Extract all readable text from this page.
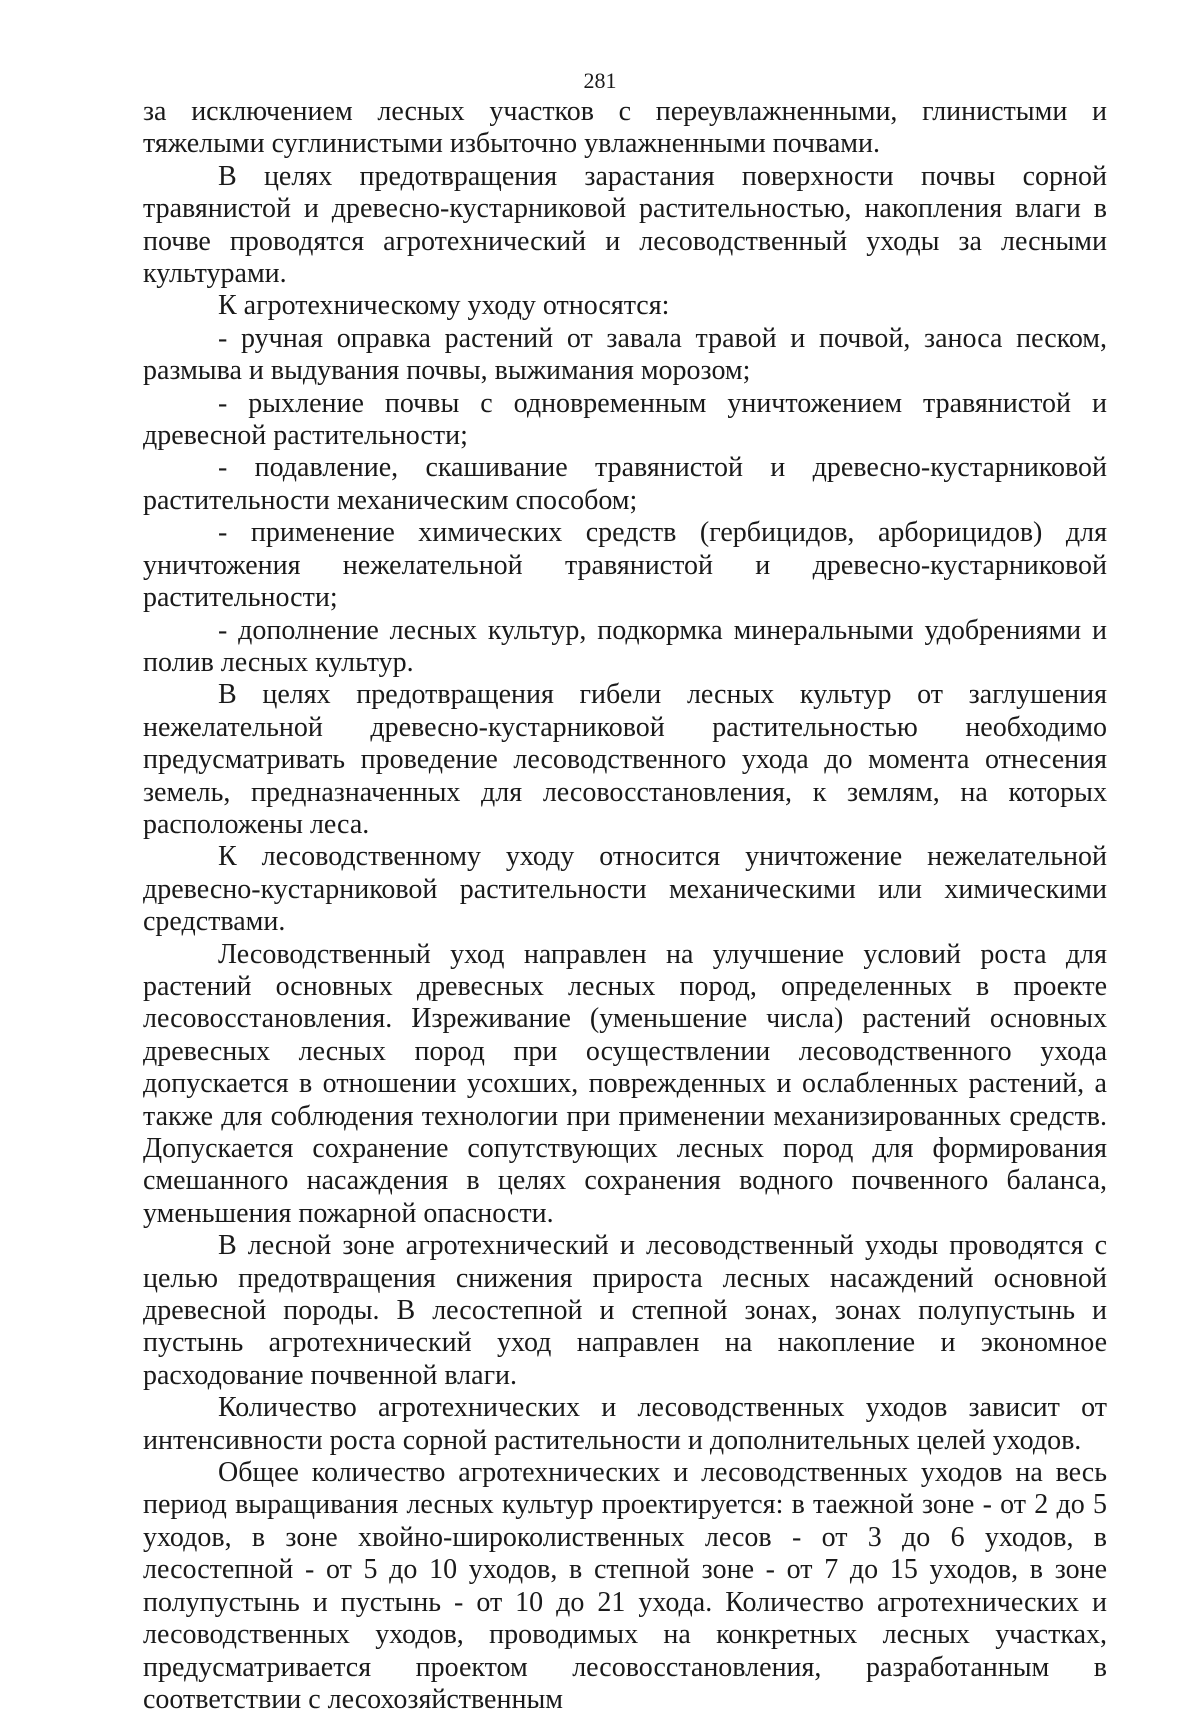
281

за исключением лесных участков с переувлажненными, глинистыми и тяжелыми суглинистыми избыточно увлажненными почвами.

В целях предотвращения зарастания поверхности почвы сорной травянистой и древесно-кустарниковой растительностью, накопления влаги в почве проводятся агротехнический и лесоводственный уходы за лесными культурами.

К агротехническому уходу относятся:

- ручная оправка растений от завала травой и почвой, заноса песком, размыва и выдувания почвы, выжимания морозом;

- рыхление почвы с одновременным уничтожением травянистой и древесной растительности;

- подавление, скашивание травянистой и древесно-кустарниковой растительности механическим способом;

- применение химических средств (гербицидов, арборицидов) для уничтожения нежелательной травянистой и древесно-кустарниковой растительности;

- дополнение лесных культур, подкормка минеральными удобрениями и полив лесных культур.

В целях предотвращения гибели лесных культур от заглушения нежелательной древесно-кустарниковой растительностью необходимо предусматривать проведение лесоводственного ухода до момента отнесения земель, предназначенных для лесовосстановления, к землям, на которых расположены леса.

К лесоводственному уходу относится уничтожение нежелательной древесно-кустарниковой растительности механическими или химическими средствами.

Лесоводственный уход направлен на улучшение условий роста для растений основных древесных лесных пород, определенных в проекте лесовосстановления. Изреживание (уменьшение числа) растений основных древесных лесных пород при осуществлении лесоводственного ухода допускается в отношении усохших, поврежденных и ослабленных растений, а также для соблюдения технологии при применении механизированных средств. Допускается сохранение сопутствующих лесных пород для формирования смешанного насаждения в целях сохранения водного почвенного баланса, уменьшения пожарной опасности.

В лесной зоне агротехнический и лесоводственный уходы проводятся с целью предотвращения снижения прироста лесных насаждений основной древесной породы. В лесостепной и степной зонах, зонах полупустынь и пустынь агротехнический уход направлен на накопление и экономное расходование почвенной влаги.

Количество агротехнических и лесоводственных уходов зависит от интенсивности роста сорной растительности и дополнительных целей уходов.

Общее количество агротехнических и лесоводственных уходов на весь период выращивания лесных культур проектируется: в таежной зоне - от 2 до 5 уходов, в зоне хвойно-широколиственных лесов - от 3 до 6 уходов, в лесостепной - от 5 до 10 уходов, в степной зоне - от 7 до 15 уходов, в зоне полупустынь и пустынь - от 10 до 21 ухода. Количество агротехнических и лесоводственных уходов, проводимых на конкретных лесных участках, предусматривается проектом лесовосстановления, разработанным в соответствии с лесохозяйственным
